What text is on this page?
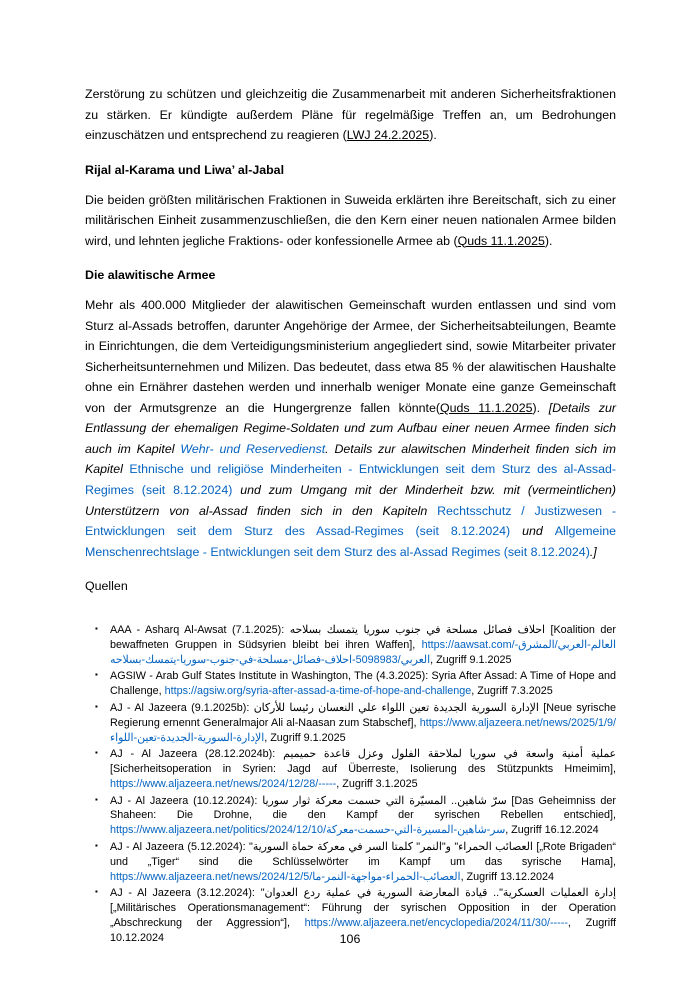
Zerstörung zu schützen und gleichzeitig die Zusammenarbeit mit anderen Sicherheitsfraktionen zu stärken. Er kündigte außerdem Pläne für regelmäßige Treffen an, um Bedrohungen einzuschätzen und entsprechend zu reagieren (LWJ 24.2.2025).

Rijal al-Karama und Liwa’ al-Jabal

Die beiden größten militärischen Fraktionen in Suweida erklärten ihre Bereitschaft, sich zu einer militärischen Einheit zusammenzuschließen, die den Kern einer neuen nationalen Armee bilden wird, und lehnten jegliche Fraktions- oder konfessionelle Armee ab (Quds 11.1.2025).

Die alawitische Armee

Mehr als 400.000 Mitglieder der alawitischen Gemeinschaft wurden entlassen und sind vom Sturz al-Assads betroffen, darunter Angehörige der Armee, der Sicherheitsabteilungen, Beamte in Einrichtungen, die dem Verteidigungsministerium angegliedert sind, sowie Mitarbeiter privater Sicherheitsunternehmen und Milizen. Das bedeutet, dass etwa 85 % der alawitischen Haushalte ohne ein Ernährer dastehen werden und innerhalb weniger Monate eine ganze Gemeinschaft von der Armutsgrenze an die Hungergrenze fallen könnte(Quds 11.1.2025). [Details zur Entlassung der ehemaligen Regime-Soldaten und zum Aufbau einer neuen Armee finden sich auch im Kapitel Wehr- und Reservedienst. Details zur alawitschen Minderheit finden sich im Kapitel Ethnische und religiöse Minderheiten - Entwicklungen seit dem Sturz des al-Assad-Regimes (seit 8.12.2024) und zum Umgang mit der Minderheit bzw. mit (vermeintlichen) Unterstützern von al-Assad finden sich in den Kapiteln Rechtsschutz / Justizwesen - Entwicklungen seit dem Sturz des Assad-Regimes (seit 8.12.2024) und Allgemeine Menschenrechtslage - Entwicklungen seit dem Sturz des al-Assad Regimes (seit 8.12.2024).]

Quellen

▪ AAA - Asharq Al-Awsat (7.1.2025): احلاف فصائل مسلحة في جنوب سوريا يتمسك بسلاحه [Koalition der bewaffneten Gruppen in Südsyrien bleibt bei ihren Waffen], https://aawsat.com/العالم-العربي/المشرق-العربي/5098983-احلاف-فصائل-مسلحة-في-جنوب-سوريا-يتمسك-بسلاحه, Zugriff 9.1.2025
▪ AGSIW - Arab Gulf States Institute in Washington, The (4.3.2025): Syria After Assad: A Time of Hope and Challenge, https://agsiw.org/syria-after-assad-a-time-of-hope-and-challenge, Zugriff 7.3.2025
▪ AJ - Al Jazeera (9.1.2025b): الإدارة السورية الجديدة تعين اللواء علي النعسان رئيسا للأركان [Neue syrische Regierung ernennt Generalmajor Ali al-Naasan zum Stabschef], https://www.aljazeera.net/news/2025/1/9/الإدارة-السورية-الجديدة-تعين-اللواء, Zugriff 9.1.2025
▪ AJ - Al Jazeera (28.12.2024b): عملية أمنية واسعة في سوريا لملاحقة الفلول وعزل قاعدة حميميم [Sicherheitsoperation in Syrien: Jagd auf Überreste, Isolierung des Stützpunkts Hmeimim], https://www.aljazeera.net/news/2024/12/28/-----, Zugriff 3.1.2025
▪ AJ - Al Jazeera (10.12.2024): سرّ شاهين.. المسيّرة التي حسمت معركة ثوار سوريا [Das Geheimniss der Shaheen: Die Drohne, die den Kampf der syrischen Rebellen entschied], https://www.aljazeera.net/politics/2024/12/10/سر-شاهين-المسيرة-التي-حسمت-معركة, Zugriff 16.12.2024
▪ AJ - Al Jazeera (5.12.2024): "العصائب الحمراء" و"النمر" كلمتا السر في معركة حماة السورية [„Rote Brigaden“ und „Tiger“ sind die Schlüsselwörter im Kampf um das syrische Hama], https://www.aljazeera.net/news/2024/12/5/العصائب-الحمراء-مواجهة-النمر-ما, Zugriff 13.12.2024
▪ AJ - Al Jazeera (3.12.2024): "إدارة العمليات العسكرية".. قيادة المعارضة السورية في عملية ردع العدوان [„Militärisches Operationsmanagement“: Führung der syrischen Opposition in der Operation „Abschreckung der Aggression“], https://www.aljazeera.net/encyclopedia/2024/11/30/-----, Zugriff 10.12.2024	106
